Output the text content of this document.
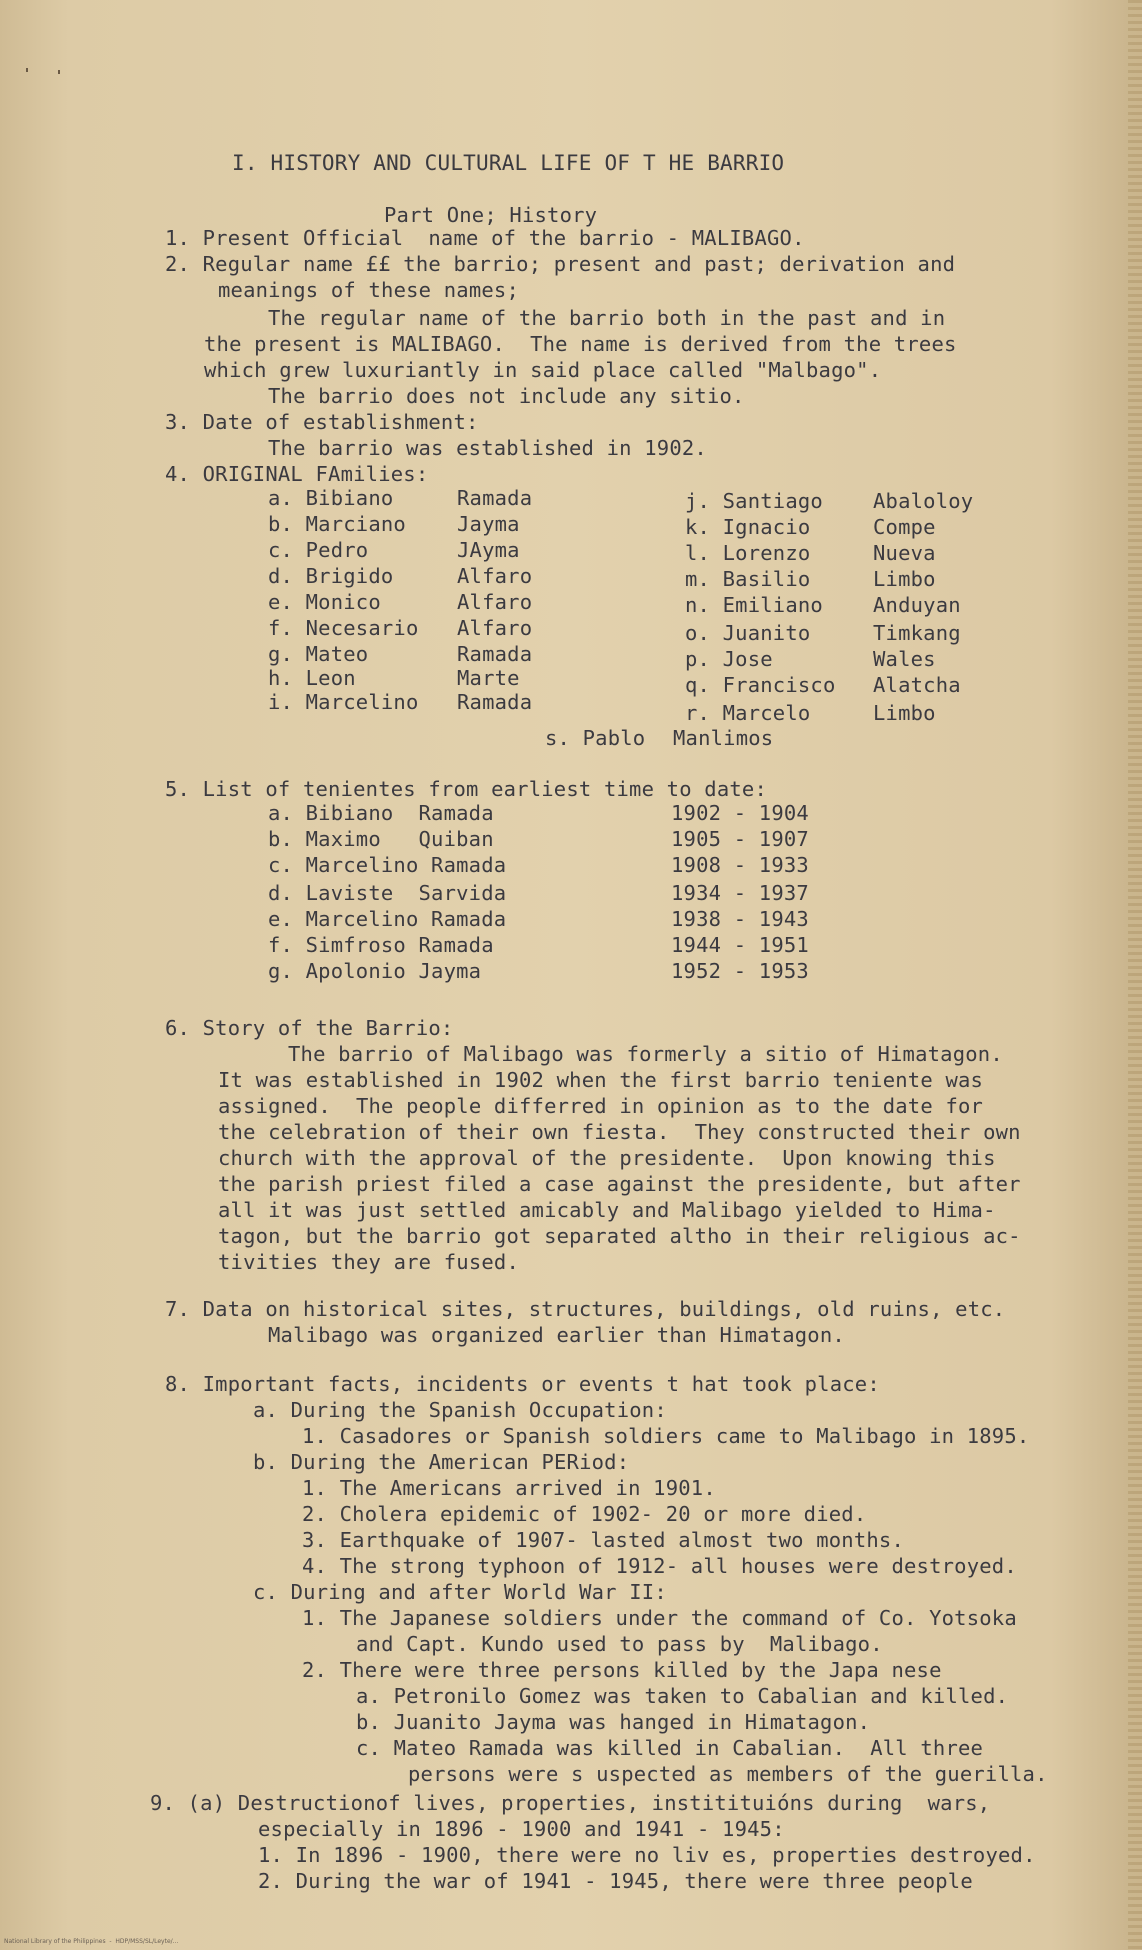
I. HISTORY AND CULTURAL LIFE OF T HE BARRIO
Part One; History
1. Present Official  name of the barrio - MALIBAGO.
2. Regular name ££ the barrio; present and past; derivation and
meanings of these names;
The regular name of the barrio both in the past and in
the present is MALIBAGO.  The name is derived from the trees
which grew luxuriantly in said place called "Malbago".
The barrio does not include any sitio.
3. Date of establishment:
The barrio was established in 1902.
4. ORIGINAL FAmilies:
a. Bibiano	Ramada
b. Marciano Jayma
c. Pedro	JAyma
d. Brigido	Alfaro
e. Monico	Alfaro
f. Necesario Alfaro
g. Mateo	Ramada
h. Leon	Marte
i. Marcelino Ramada
j. Santiago Abaloloy
k. Ignacio	Compe
l. Lorenzo	Nueva
m. Basilio	Limbo
n. Emiliano Anduyan
o. Juanito	Timkang
p. Jose	Wales
q. Francisco Alatcha
r. Marcelo	Limbo
s. Pablo Manlimos
5. List of tenientes from earliest time to date:
a. Bibiano  Ramada	1902 - 1904
b. Maximo   Quiban	1905 - 1907
c. Marcelino Ramada	1908 - 1933
d. Laviste  Sarvida	1934 - 1937
e. Marcelino Ramada	1938 - 1943
f. Simfroso Ramada	1944 - 1951
g. Apolonio Jayma	1952 - 1953
6. Story of the Barrio:
The barrio of Malibago was formerly a sitio of Himatagon.
It was established in 1902 when the first barrio teniente was
assigned.  The people differred in opinion as to the date for
the celebration of their own fiesta.  They constructed their own
church with the approval of the presidente.  Upon knowing this
the parish priest filed a case against the presidente, but after
all it was just settled amicably and Malibago yielded to Hima-
tagon, but the barrio got separated altho in their religious ac-
tivities they are fused.
7. Data on historical sites, structures, buildings, old ruins, etc.
Malibago was organized earlier than Himatagon.
8. Important facts, incidents or events t hat took place:
a. During the Spanish Occupation:
1. Casadores or Spanish soldiers came to Malibago in 1895.
b. During the American PERiod:
1. The Americans arrived in 1901.
2. Cholera epidemic of 1902- 20 or more died.
3. Earthquake of 1907- lasted almost two months.
4. The strong typhoon of 1912- all houses were destroyed.
c. During and after World War II:
1. The Japanese soldiers under the command of Co. Yotsoka
and Capt. Kundo used to pass by  Malibago.
2. There were three persons killed by the Japa nese
a. Petronilo Gomez was taken to Cabalian and killed.
b. Juanito Jayma was hanged in Himatagon.
c. Mateo Ramada was killed in Cabalian.  All three
persons were s uspected as members of the guerilla.
9. (a) Destructionof lives, properties, institituións during  wars,
especially in 1896 - 1900 and 1941 - 1945:
1. In 1896 - 1900, there were no liv es, properties destroyed.
2. During the war of 1941 - 1945, there were three people
National Library of the Philippines  -  HDP/MSS/SL/Leyte/...
